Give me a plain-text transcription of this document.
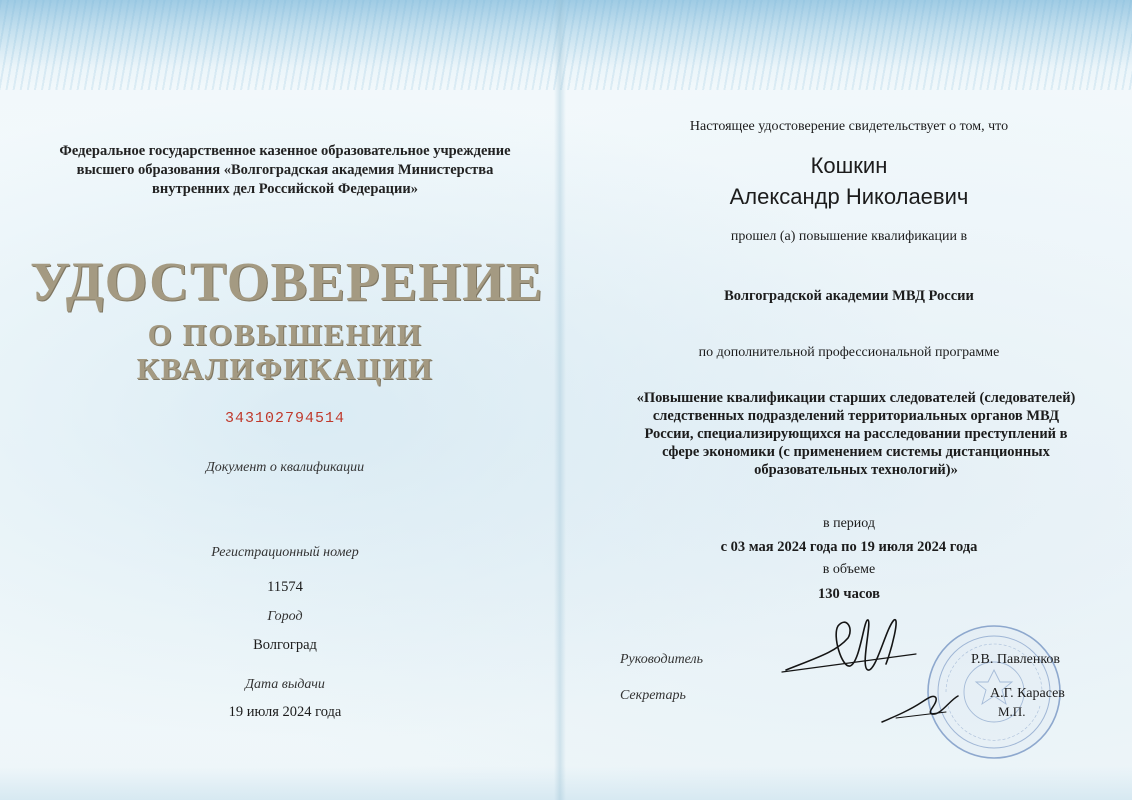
Федеральное государственное казенное образовательное учреждение высшего образования «Волгоградская академия Министерства внутренних дел Российской Федерации»
УДОСТОВЕРЕНИЕ
О ПОВЫШЕНИИ
КВАЛИФИКАЦИИ
343102794514
Документ о квалификации
Регистрационный номер
11574
Город
Волгоград
Дата выдачи
19 июля 2024 года
Настоящее удостоверение свидетельствует о том, что
Кошкин
Александр Николаевич
прошел (а) повышение квалификации в
Волгоградской академии МВД России
по дополнительной профессиональной программе
«Повышение квалификации старших следователей (следователей) следственных подразделений территориальных органов МВД России, специализирующихся на расследовании преступлений в сфере экономики (с применением системы дистанционных образовательных технологий)»
в период
с 03 мая 2024 года по 19 июля 2024 года
в объеме
130 часов
Руководитель	Р.В. Павленков
Секретарь	А.Г. Карасев
М.П.
